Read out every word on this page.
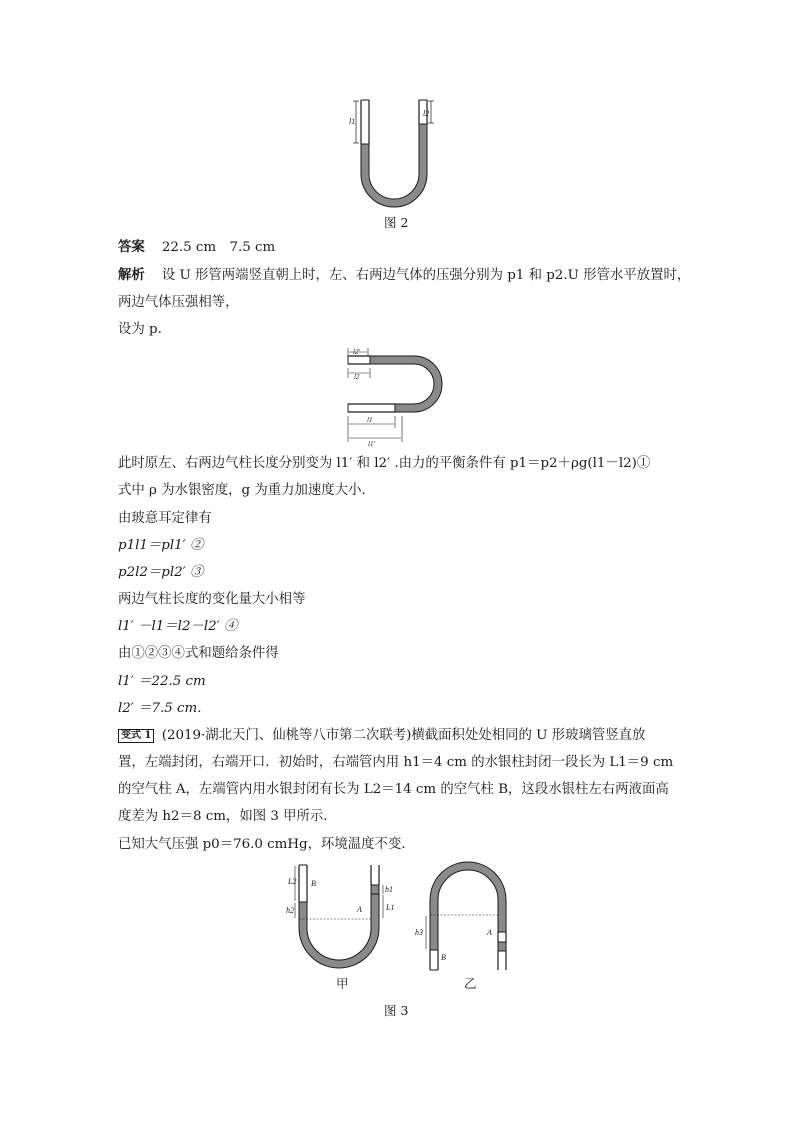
l1
l2
图 2
答案 22.5 cm　7.5 cm
解析 设 U 形管两端竖直朝上时，左、右两边气体的压强分别为 p1 和 p2.U 形管水平放置时，
两边气体压强相等，
设为 p.
l2′
l2
l1
l1′
此时原左、右两边气柱长度分别变为 l1′ 和 l2′ .由力的平衡条件有 p1＝p2＋ρg(l1－l2)①
式中 ρ 为水银密度，g 为重力加速度大小.
由玻意耳定律有
p1l1＝pl1′ ②
p2l2＝pl2′ ③
两边气柱长度的变化量大小相等
l1′ －l1＝l2－l2′ ④
由①②③④式和题给条件得
l1′ ＝22.5 cm
l2′ ＝7.5 cm.
变式 1 (2019·湖北天门、仙桃等八市第二次联考)横截面积处处相同的 U 形玻璃管竖直放
置，左端封闭，右端开口．初始时，右端管内用 h1＝4 cm 的水银柱封闭一段长为 L1＝9 cm
的空气柱 A，左端管内用水银封闭有长为 L2＝14 cm 的空气柱 B，这段水银柱左右两液面高
度差为 h2＝8 cm，如图 3 甲所示．
已知大气压强 p0＝76.0 cmHg，环境温度不变．
L2 B
h2
h1
A	L1
h3
B
A
甲	乙
图 3
